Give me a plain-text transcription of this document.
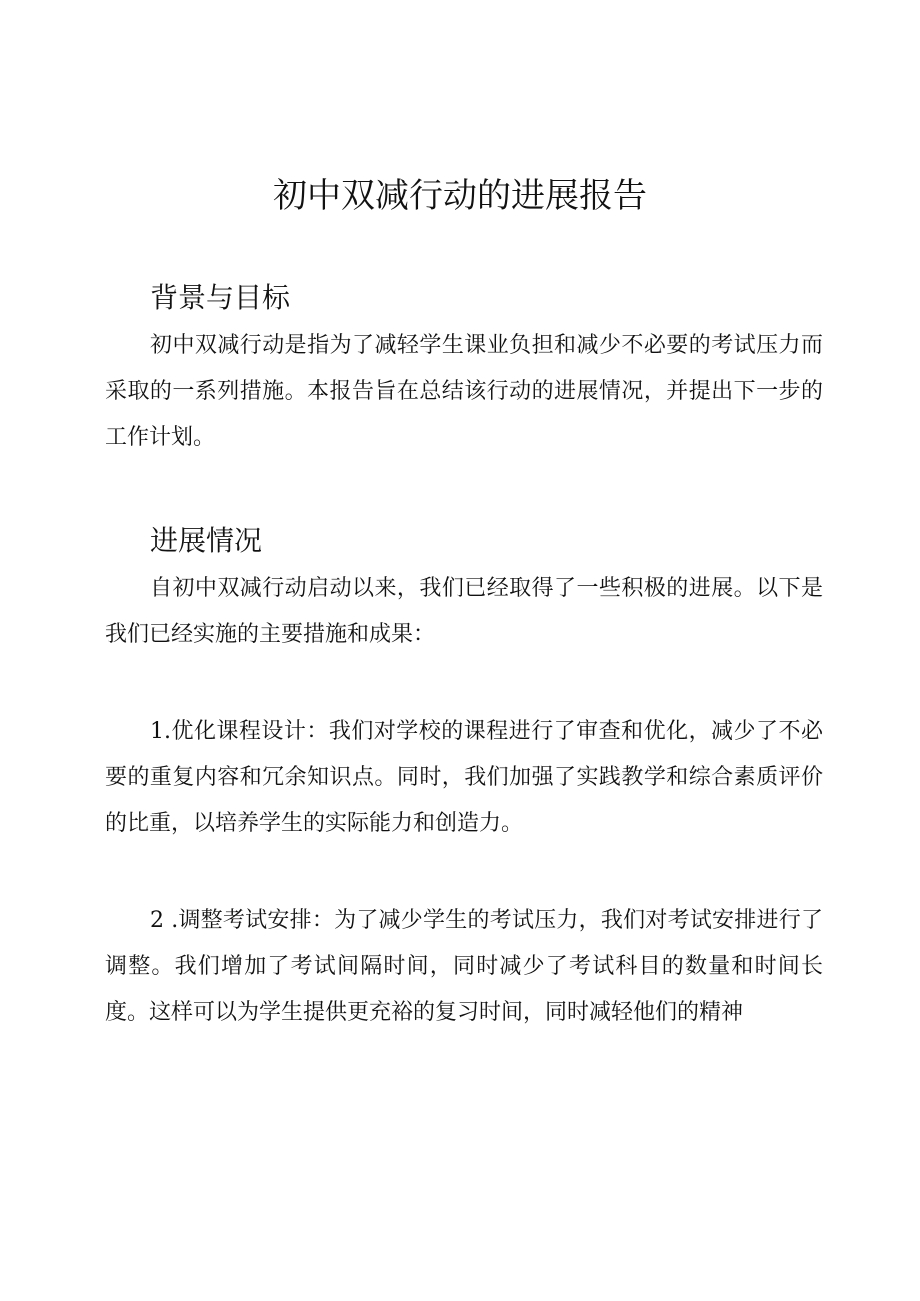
初中双减行动的进展报告
背景与目标

初中双减行动是指为了减轻学生课业负担和减少不必要的考试压力而采取的一系列措施。本报告旨在总结该行动的进展情况，并提出下一步的工作计划。

进展情况

自初中双减行动启动以来，我们已经取得了一些积极的进展。以下是我们已经实施的主要措施和成果：

1.优化课程设计：我们对学校的课程进行了审查和优化，减少了不必要的重复内容和冗余知识点。同时，我们加强了实践教学和综合素质评价的比重，以培养学生的实际能力和创造力。

2 .调整考试安排：为了减少学生的考试压力，我们对考试安排进行了调整。我们增加了考试间隔时间，同时减少了考试科目的数量和时间长度。这样可以为学生提供更充裕的复习时间，同时减轻他们的精神
